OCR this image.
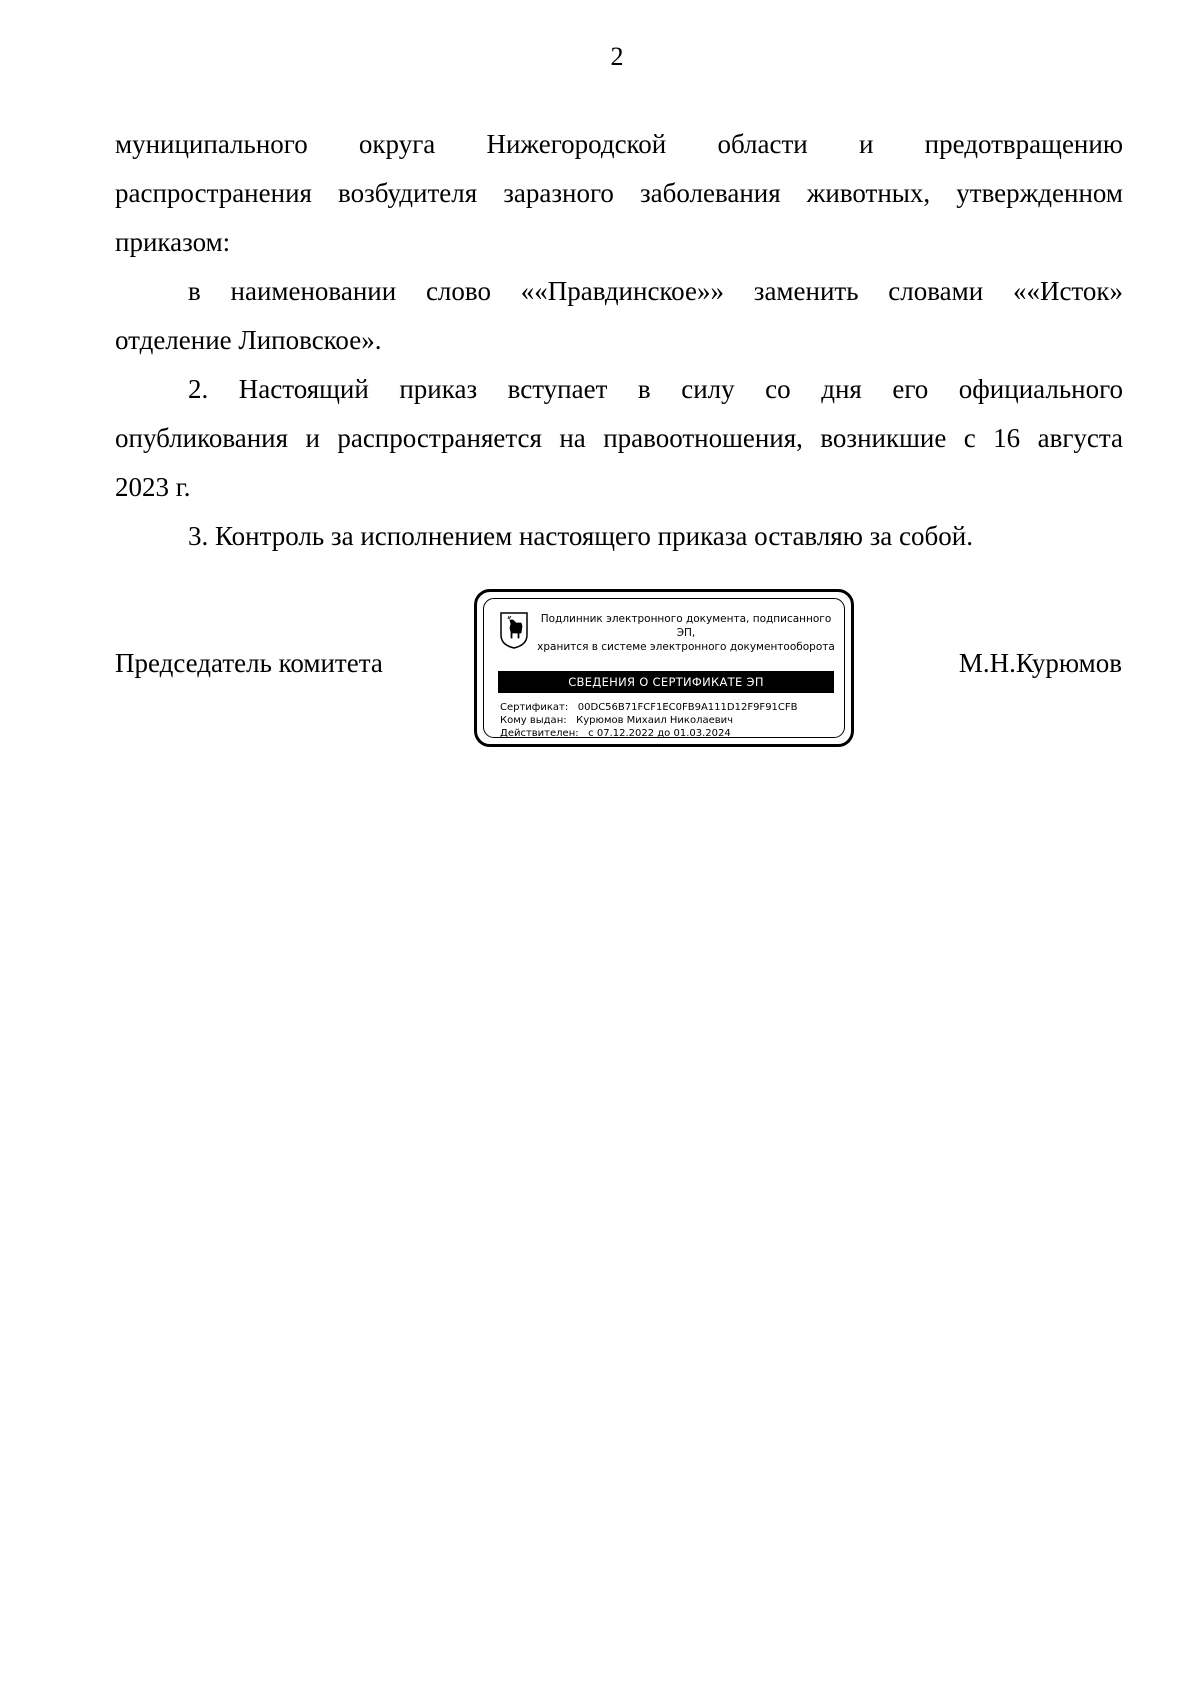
2

муниципального округа Нижегородской области и предотвращению

распространения возбудителя заразного заболевания животных, утвержденном

приказом:

в наименовании слово ««Правдинское»» заменить словами ««Исток»

отделение Липовское».

2. Настоящий приказ вступает в силу со дня его официального

опубликования и распространяется на правоотношения, возникшие с 16 августа

2023 г.

3. Контроль за исполнением настоящего приказа оставляю за собой.

Председатель комитета	М.Н.Курюмов
Подлинник электронного документа, подписанного ЭП,
хранится в системе электронного документооборота
СВЕДЕНИЯ О СЕРТИФИКАТЕ ЭП
Сертификат:   00DC56B71FCF1EC0FB9A111D12F9F91CFB
Кому выдан:   Курюмов Михаил Николаевич
Действителен:   с 07.12.2022 до 01.03.2024
